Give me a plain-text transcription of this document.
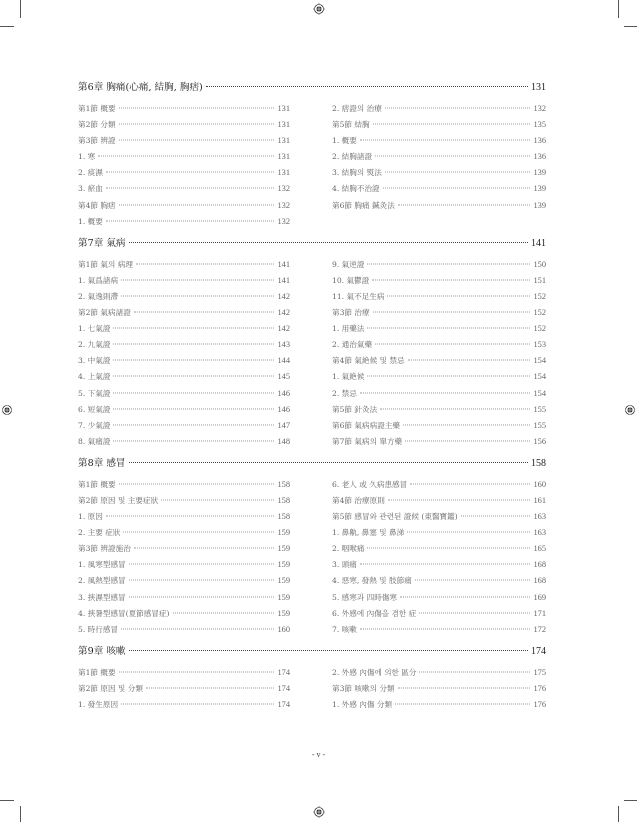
第6章 胸痛(心痛, 結胸, 胸痞)	131
第1節 概要	131
第2節 分類	131
第3節 辨證	131
1. 寒	131
2. 痰濕	131
3. 瘀血	132
第4節 胸痞	132
1. 概要	132
2. 痞證의 治療	132
第5節 結胸	135
1. 概要	136
2. 結胸諸證	136
3. 結胸의 熨法	139
4. 結胸不治證	139
第6節 胸痛 鍼灸法	139
第7章 氣病	141
第1節 氣의 病理	141
1. 氣爲諸病	141
2. 氣逸則滯	142
第2節 氣病諸證	142
1. 七氣證	142
2. 九氣證	143
3. 中氣證	144
4. 上氣證	145
5. 下氣證	146
6. 短氣證	146
7. 少氣證	147
8. 氣痛證	148
9. 氣逆證	150
10. 氣鬱證	151
11. 氣不足生病	152
第3節 治療	152
1. 用藥法	152
2. 通治氣藥	153
第4節 氣絶候 및 禁忌	154
1. 氣絶候	154
2. 禁忌	154
第5節 針灸法	155
第6節 氣病病證主藥	155
第7節 氣病의 單方藥	156
第8章 感冒	158
第1節 概要	158
第2節 原因 및 主要症狀	158
1. 原因	158
2. 主要 症狀	159
第3節 辨證施治	159
1. 風寒型感冒	159
2. 風熱型感冒	159
3. 挾濕型感冒	159
4. 挾暑型感冒(夏節感冒症)	159
5. 時行感冒	160
6. 老人 或 久病患感冒	160
第4節 治療原則	161
第5節 感冒와 관련된 證候 (東醫寶鑑)	163
1. 鼻鼽, 鼻塞 및 鼻涕	163
2. 咽喉痛	165
3. 頭痛	168
4. 惡寒, 發熱 및 肢節痛	168
5. 感寒과 四時傷寒	169
6. 外感에 內傷을 겸한 症	171
7. 咳嗽	172
第9章 咳嗽	174
第1節 概要	174
第2節 原因 및 分類	174
1. 發生原因	174
2. 外感 內傷에 의한 區分	175
第3節 咳嗽의 分類	176
1. 外感 內傷 分類	176
- v -
